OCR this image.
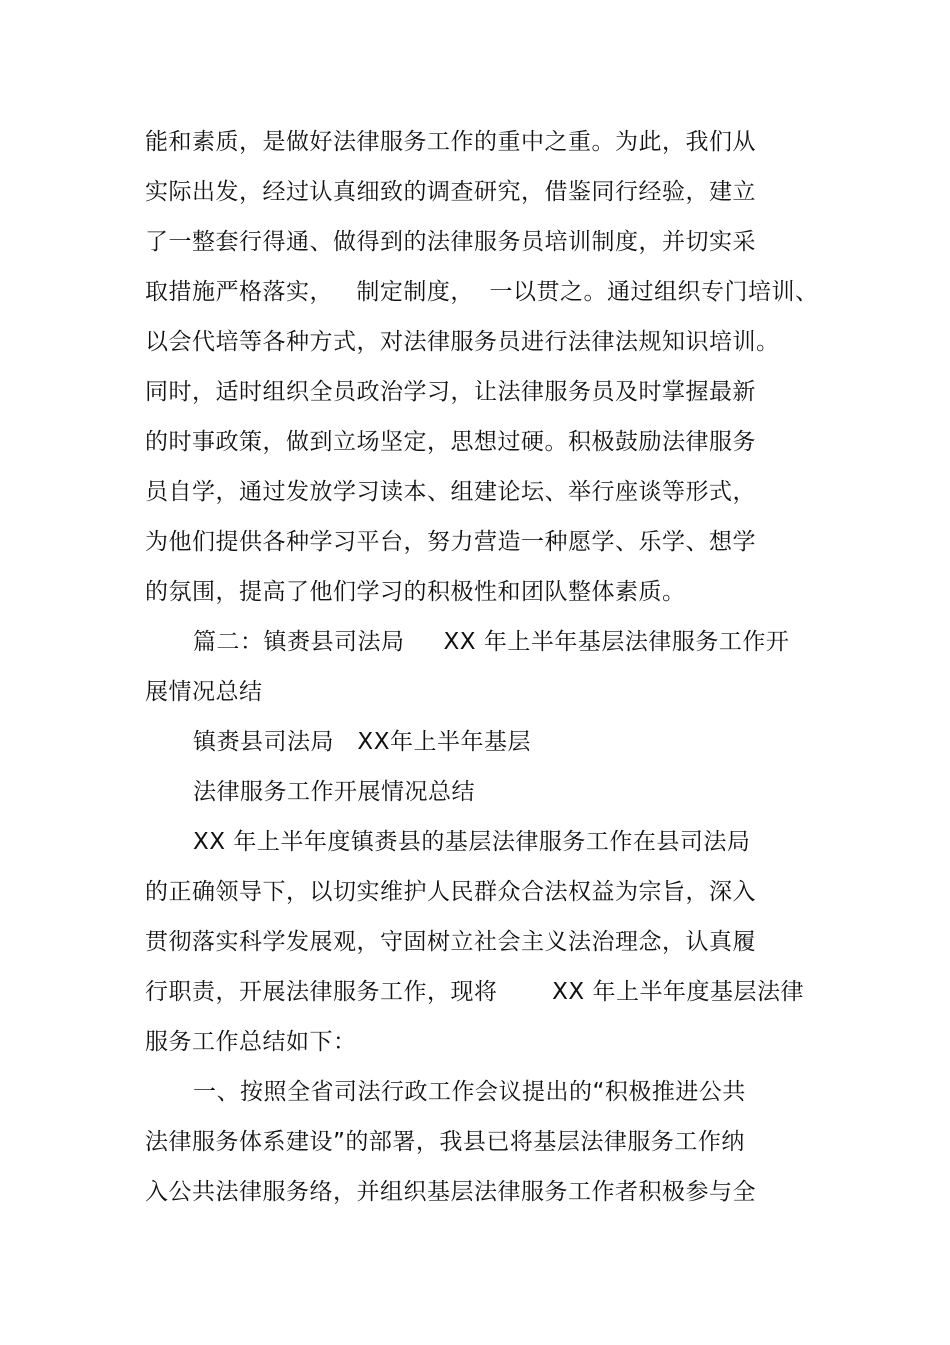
能和素质，是做好法律服务工作的重中之重。为此，我们从
实际出发，经过认真细致的调查研究，借鉴同行经验，建立
了一整套行得通、做得到的法律服务员培训制度，并切实采
取措施严格落实，   制定制度，  一以贯之。通过组织专门培训、
以会代培等各种方式，对法律服务员进行法律法规知识培训。
同时，适时组织全员政治学习，让法律服务员及时掌握最新
的时事政策，做到立场坚定，思想过硬。积极鼓励法律服务
员自学，通过发放学习读本、组建论坛、举行座谈等形式，
为他们提供各种学习平台，努力营造一种愿学、乐学、想学
的氛围，提高了他们学习的积极性和团队整体素质。
篇二：镇赉县司法局     XX 年上半年基层法律服务工作开
展情况总结
镇赉县司法局   XX年上半年基层
法律服务工作开展情况总结
XX 年上半年度镇赉县的基层法律服务工作在县司法局
的正确领导下，以切实维护人民群众合法权益为宗旨，深入
贯彻落实科学发展观，守固树立社会主义法治理念，认真履
行职责，开展法律服务工作，现将       XX 年上半年度基层法律
服务工作总结如下：
一、按照全省司法行政工作会议提出的“积极推进公共
法律服务体系建设”的部署，我县已将基层法律服务工作纳
入公共法律服务络，并组织基层法律服务工作者积极参与全
